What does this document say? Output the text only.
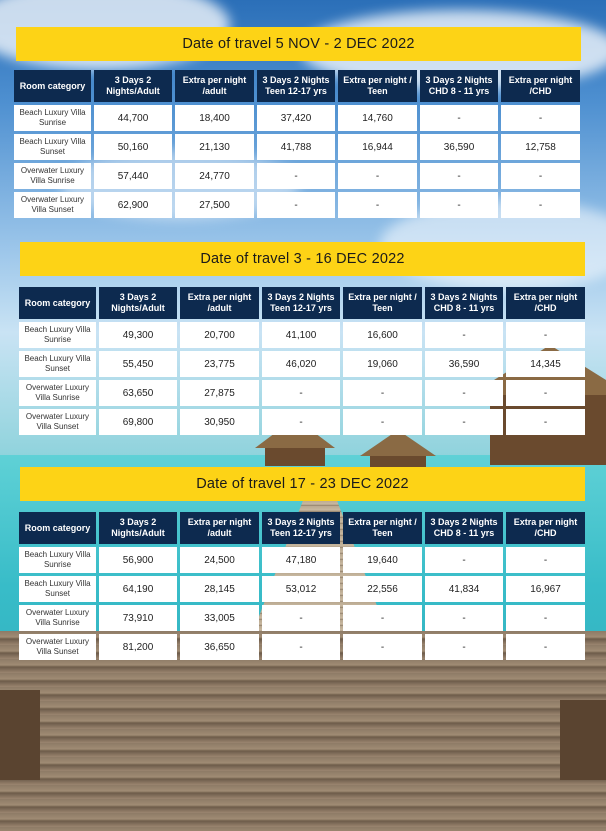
Date of travel 5 NOV - 2 DEC 2022
Room category	3 Days 2 Nights/Adult	Extra per night /adult	3 Days 2 Nights Teen 12-17 yrs	Extra per night / Teen	3 Days 2 Nights CHD 8 - 11 yrs	Extra per night /CHD
Beach Luxury Villa Sunrise	44,700	18,400	37,420	14,760	-	-
Beach Luxury Villa Sunset	50,160	21,130	41,788	16,944	36,590	12,758
Overwater Luxury Villa Sunrise	57,440	24,770	-	-	-	-
Overwater Luxury Villa Sunset	62,900	27,500	-	-	-	-
Date of travel 3 - 16 DEC 2022
Room category	3 Days 2 Nights/Adult	Extra per night /adult	3 Days 2 Nights Teen 12-17 yrs	Extra per night / Teen	3 Days 2 Nights CHD 8 - 11 yrs	Extra per night /CHD
Beach Luxury Villa Sunrise	49,300	20,700	41,100	16,600	-	-
Beach Luxury Villa Sunset	55,450	23,775	46,020	19,060	36,590	14,345
Overwater Luxury Villa Sunrise	63,650	27,875	-	-	-	-
Overwater Luxury Villa Sunset	69,800	30,950	-	-	-	-
Date of travel 17 - 23 DEC 2022
Room category	3 Days 2 Nights/Adult	Extra per night /adult	3 Days 2 Nights Teen 12-17 yrs	Extra per night / Teen	3 Days 2 Nights CHD 8 - 11 yrs	Extra per night /CHD
Beach Luxury Villa Sunrise	56,900	24,500	47,180	19,640	-	-
Beach Luxury Villa Sunset	64,190	28,145	53,012	22,556	41,834	16,967
Overwater Luxury Villa Sunrise	73,910	33,005	-	-	-	-
Overwater Luxury Villa Sunset	81,200	36,650	-	-	-	-
